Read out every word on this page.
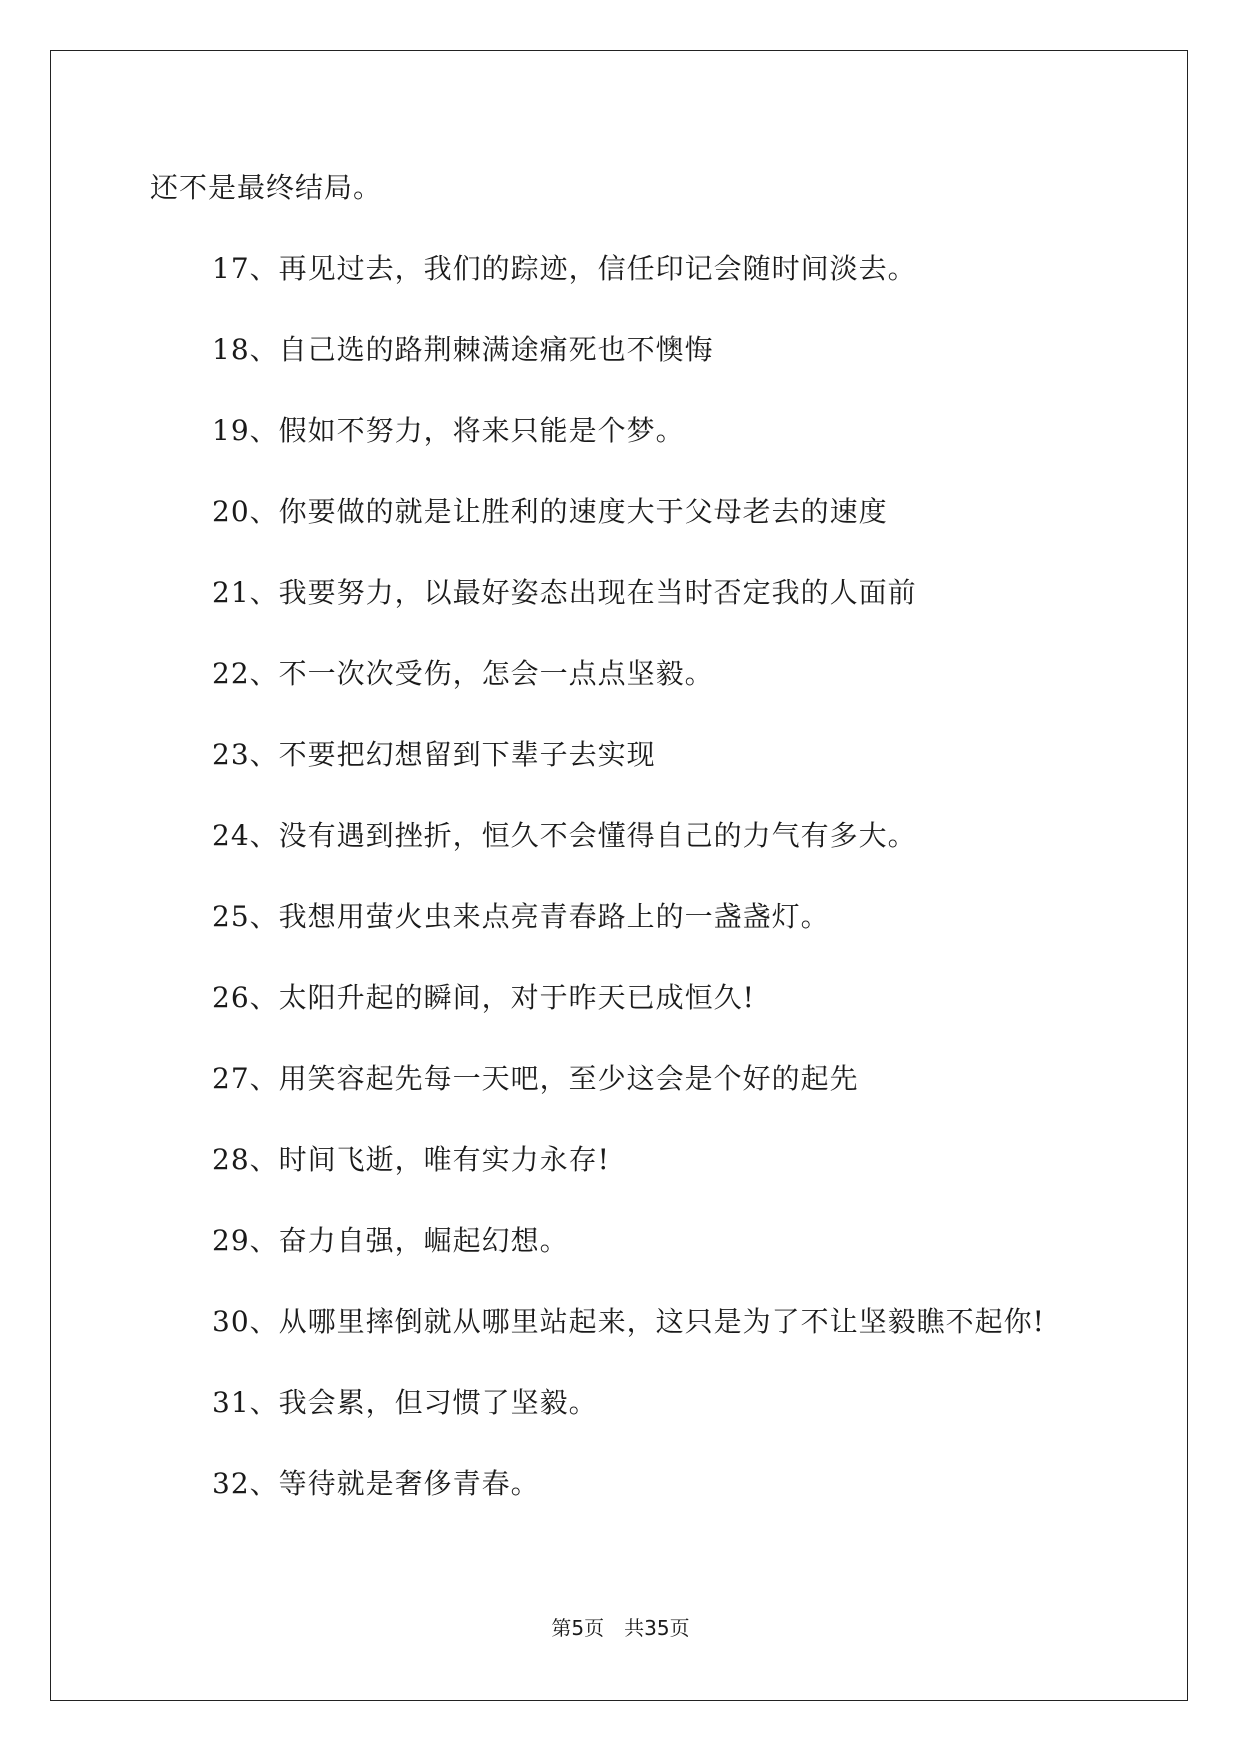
还不是最终结局。

17、再见过去，我们的踪迹，信任印记会随时间淡去。

18、自己选的路荆棘满途痛死也不懊悔

19、假如不努力，将来只能是个梦。

20、你要做的就是让胜利的速度大于父母老去的速度

21、我要努力，以最好姿态出现在当时否定我的人面前

22、不一次次受伤，怎会一点点坚毅。

23、不要把幻想留到下辈子去实现

24、没有遇到挫折，恒久不会懂得自己的力气有多大。

25、我想用萤火虫来点亮青春路上的一盏盏灯。

26、太阳升起的瞬间，对于昨天已成恒久!

27、用笑容起先每一天吧，至少这会是个好的起先

28、时间飞逝，唯有实力永存!

29、奋力自强，崛起幻想。

30、从哪里摔倒就从哪里站起来，这只是为了不让坚毅瞧不起你!

31、我会累，但习惯了坚毅。

32、等待就是奢侈青春。

第5页 共35页
